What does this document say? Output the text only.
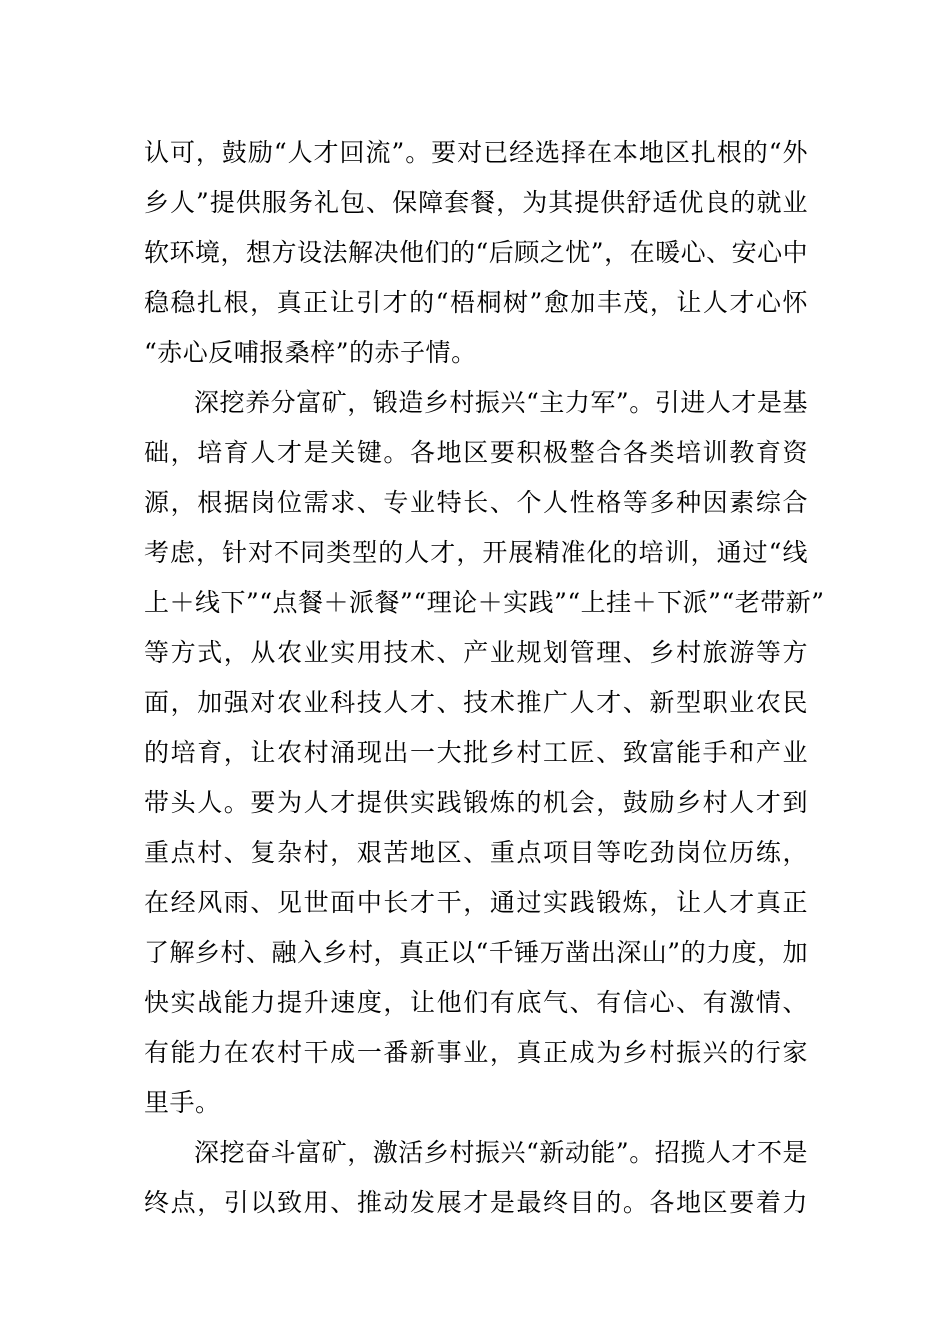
认可，鼓励“人才回流”。要对已经选择在本地区扎根的“外
乡人”提供服务礼包、保障套餐，为其提供舒适优良的就业
软环境，想方设法解决他们的“后顾之忧”，在暖心、安心中
稳稳扎根，真正让引才的“梧桐树”愈加丰茂，让人才心怀
“赤心反哺报桑梓”的赤子情。
深挖养分富矿，锻造乡村振兴“主力军”。引进人才是基
础，培育人才是关键。各地区要积极整合各类培训教育资
源，根据岗位需求、专业特长、个人性格等多种因素综合
考虑，针对不同类型的人才，开展精准化的培训，通过“线
上＋线下”“点餐＋派餐”“理论＋实践”“上挂＋下派”“老带新”
等方式，从农业实用技术、产业规划管理、乡村旅游等方
面，加强对农业科技人才、技术推广人才、新型职业农民
的培育，让农村涌现出一大批乡村工匠、致富能手和产业
带头人。要为人才提供实践锻炼的机会，鼓励乡村人才到
重点村、复杂村，艰苦地区、重点项目等吃劲岗位历练，
在经风雨、见世面中长才干，通过实践锻炼，让人才真正
了解乡村、融入乡村，真正以“千锤万凿出深山”的力度，加
快实战能力提升速度，让他们有底气、有信心、有激情、
有能力在农村干成一番新事业，真正成为乡村振兴的行家
里手。
深挖奋斗富矿，激活乡村振兴“新动能”。招揽人才不是
终点，引以致用、推动发展才是最终目的。各地区要着力
